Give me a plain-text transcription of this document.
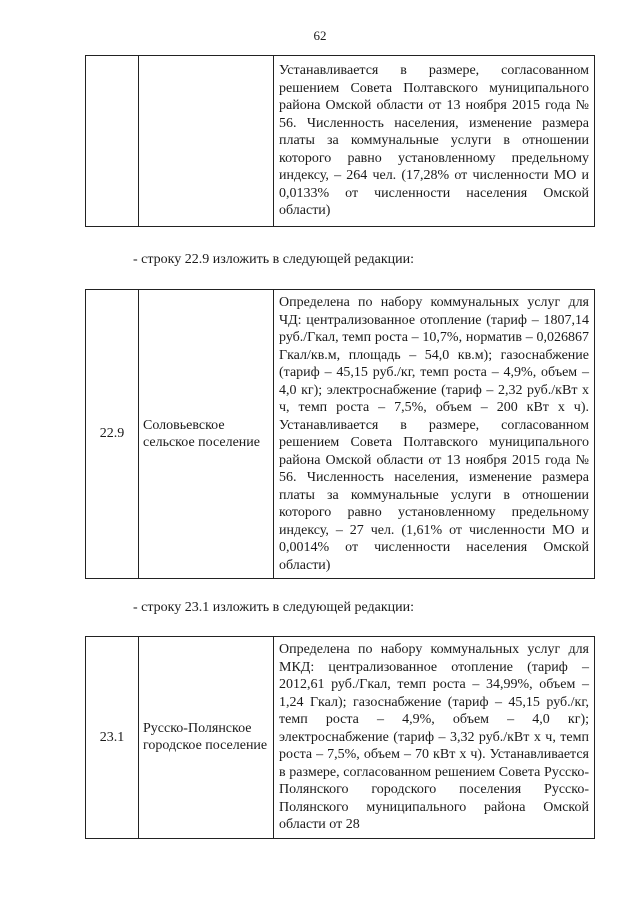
62
		Устанавливается в размере, согласованном решением Совета Полтавского муниципального района Омской области от 13 ноября 2015 года № 56. Численность населения, изменение размера платы за коммунальные услуги в отношении которого равно установленному предельному индексу, – 264 чел. (17,28% от численности МО и 0,0133% от численности населения Омской области)
- строку 22.9 изложить в следующей редакции:
22.9	Соловьевское сельское поселение	Определена по набору коммунальных услуг для ЧД: централизованное отопление (тариф – 1807,14 руб./Гкал, темп роста – 10,7%, норматив – 0,026867 Гкал/кв.м, площадь – 54,0 кв.м); газоснабжение (тариф – 45,15 руб./кг, темп роста – 4,9%, объем – 4,0 кг); электроснабжение (тариф – 2,32 руб./кВт х ч, темп роста – 7,5%, объем – 200 кВт х ч). Устанавливается в размере, согласованном решением Совета Полтавского муниципального района Омской области от 13 ноября 2015 года № 56. Численность населения, изменение размера платы за коммунальные услуги в отношении которого равно установленному предельному индексу, – 27 чел. (1,61% от численности МО и 0,0014% от численности населения Омской области)
- строку 23.1 изложить в следующей редакции:
23.1	Русско-Полянское городское поселение	Определена по набору коммунальных услуг для МКД: централизованное отопление (тариф – 2012,61 руб./Гкал, темп роста – 34,99%, объем – 1,24 Гкал); газоснабжение (тариф – 45,15 руб./кг, темп роста – 4,9%, объем – 4,0 кг); электроснабжение (тариф – 3,32 руб./кВт х ч, темп роста – 7,5%, объем – 70 кВт х ч). Устанавливается в размере, согласованном решением Совета Русско-Полянского городского поселения Русско-Полянского муниципального района Омской области от 28
